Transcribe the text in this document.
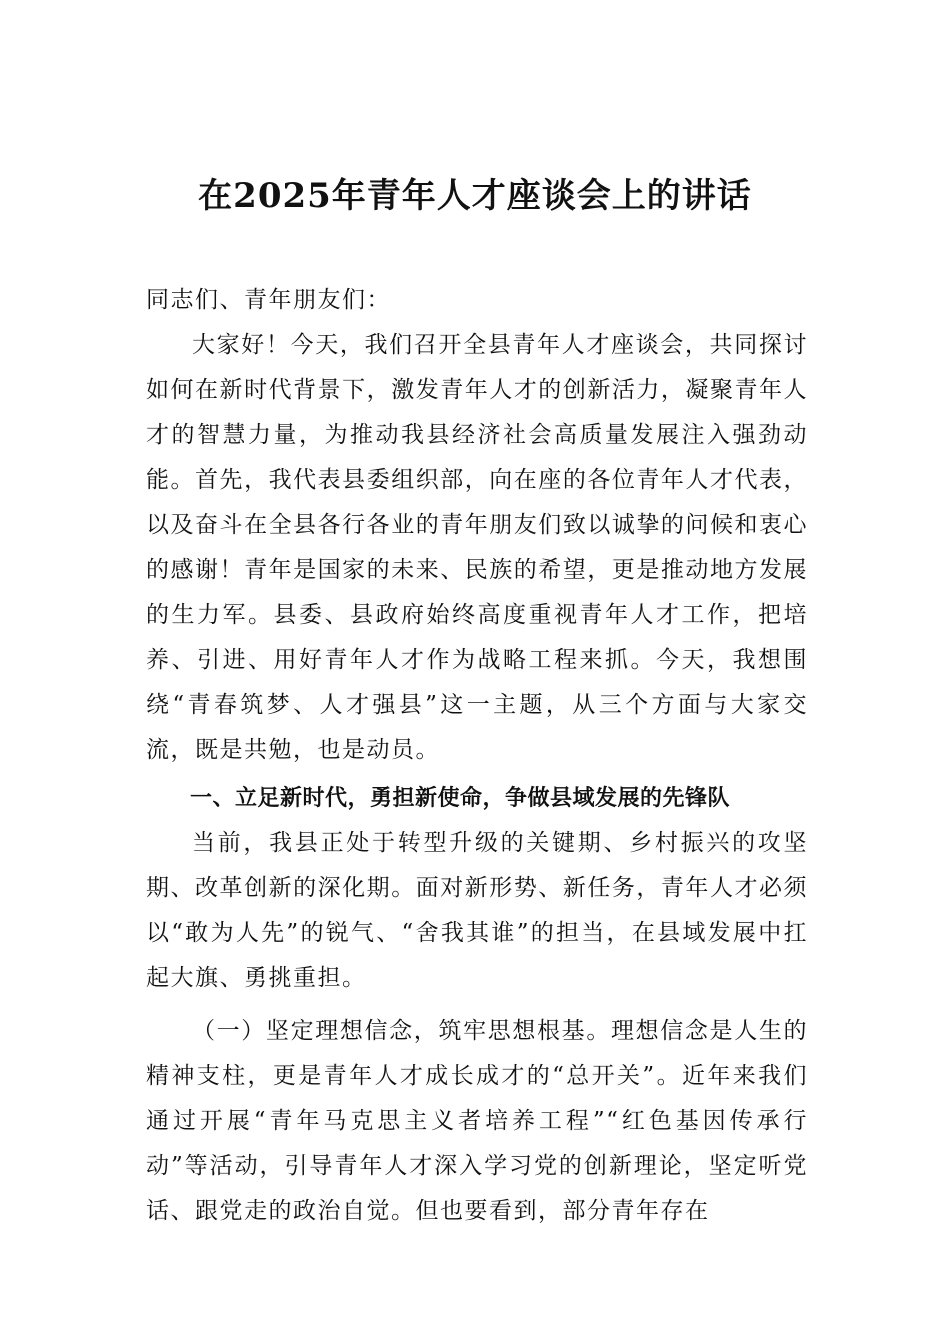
在2025年青年人才座谈会上的讲话

同志们、青年朋友们：

大家好！今天，我们召开全县青年人才座谈会，共同探讨如何在新时代背景下，激发青年人才的创新活力，凝聚青年人才的智慧力量，为推动我县经济社会高质量发展注入强劲动能。首先，我代表县委组织部，向在座的各位青年人才代表，以及奋斗在全县各行各业的青年朋友们致以诚挚的问候和衷心的感谢！青年是国家的未来、民族的希望，更是推动地方发展的生力军。县委、县政府始终高度重视青年人才工作，把培养、引进、用好青年人才作为战略工程来抓。今天，我想围绕“青春筑梦、人才强县”这一主题，从三个方面与大家交流，既是共勉，也是动员。

一、立足新时代，勇担新使命，争做县域发展的先锋队

当前，我县正处于转型升级的关键期、乡村振兴的攻坚期、改革创新的深化期。面对新形势、新任务，青年人才必须以“敢为人先”的锐气、“舍我其谁”的担当，在县域发展中扛起大旗、勇挑重担。

（一）坚定理想信念，筑牢思想根基。理想信念是人生的精神支柱，更是青年人才成长成才的“总开关”。近年来我们通过开展“青年马克思主义者培养工程”“红色基因传承行动”等活动，引导青年人才深入学习党的创新理论，坚定听党话、跟党走的政治自觉。但也要看到，部分青年存在
